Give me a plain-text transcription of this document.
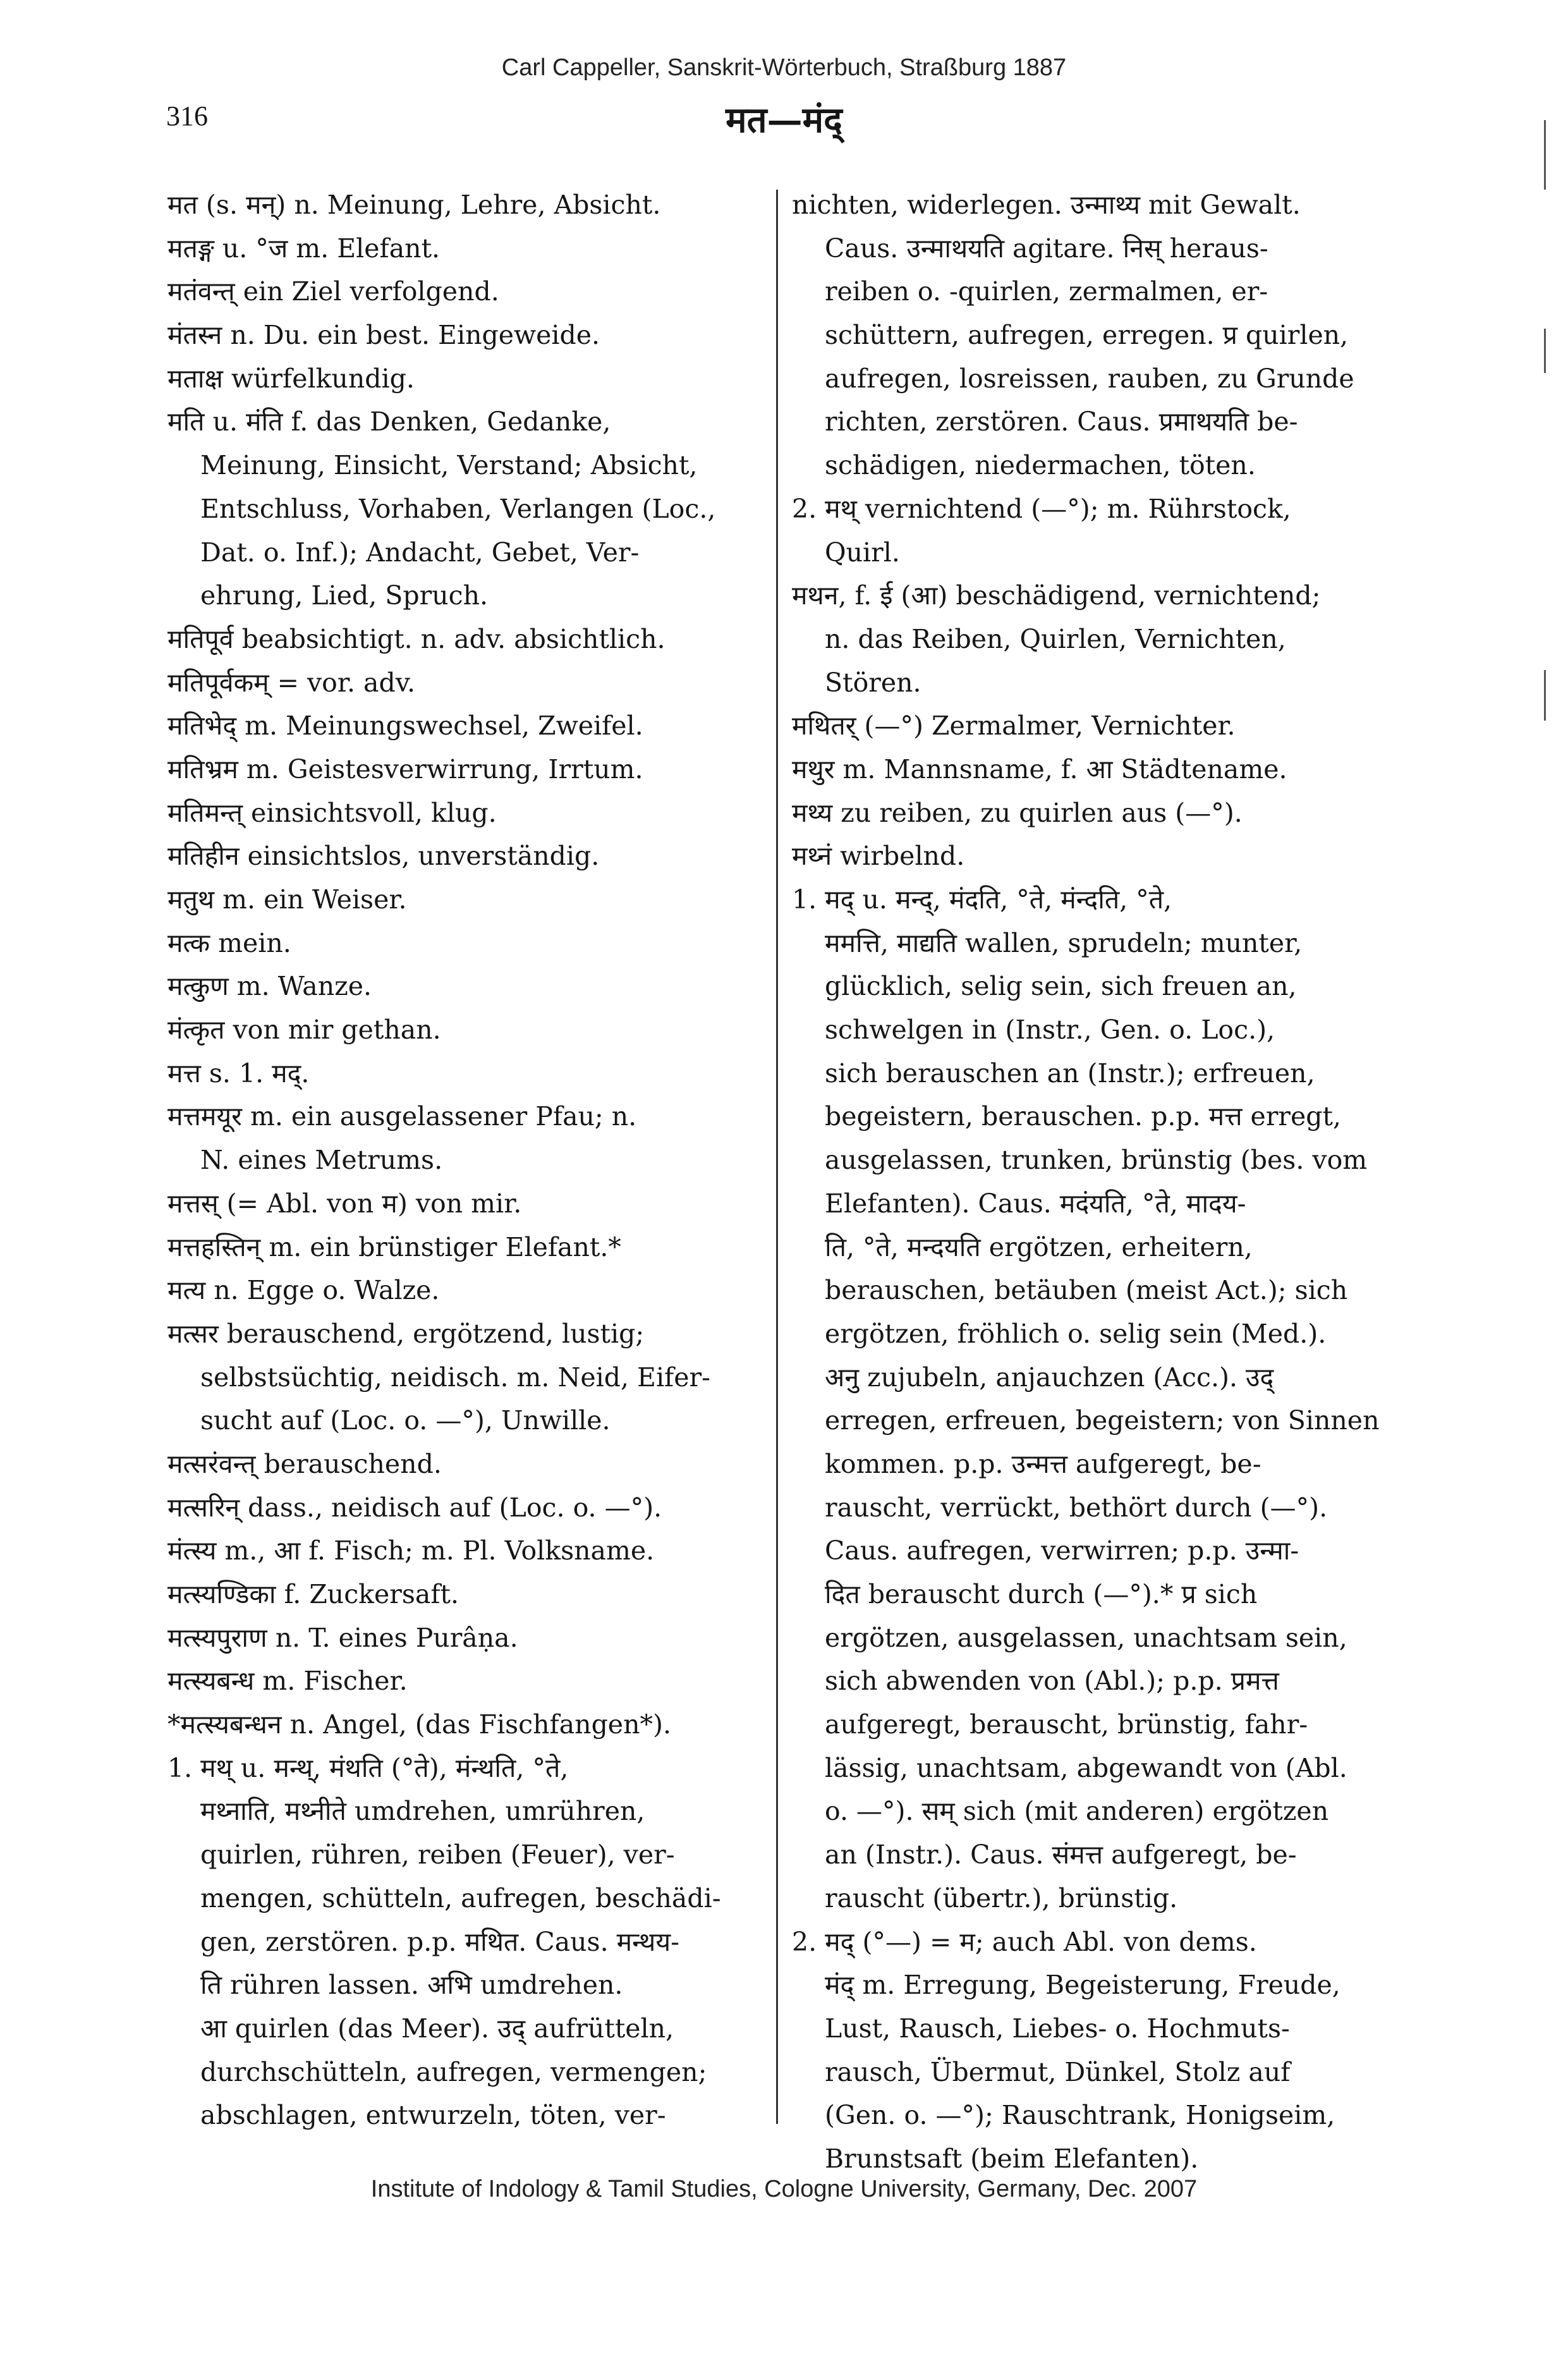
Carl Cappeller, Sanskrit-Wörterbuch, Straßburg 1887
316	मत—मंद्
मत (s. मन्) n. Meinung, Lehre, Absicht.
मतङ्ग u. °ज m. Elefant.
मतंवन्त् ein Ziel verfolgend.
मंतस्न n. Du. ein best. Eingeweide.
मताक्ष würfelkundig.
मति u. मंति f. das Denken, Gedanke,
Meinung, Einsicht, Verstand; Absicht,
Entschluss, Vorhaben, Verlangen (Loc.,
Dat. o. Inf.); Andacht, Gebet, Ver-
ehrung, Lied, Spruch.
मतिपूर्व beabsichtigt. n. adv. absichtlich.
मतिपूर्वकम् = vor. adv.
मतिभेद् m. Meinungswechsel, Zweifel.
मतिभ्रम m. Geistesverwirrung, Irrtum.
मतिमन्त् einsichtsvoll, klug.
मतिहीन einsichtslos, unverständig.
मतुथ m. ein Weiser.
मत्क mein.
मत्कुण m. Wanze.
मंत्कृत von mir gethan.
मत्त s. 1. मद्.
मत्तमयूर m. ein ausgelassener Pfau; n.
N. eines Metrums.
मत्तस् (= Abl. von म) von mir.
मत्तहस्तिन् m. ein brünstiger Elefant.*
मत्य n. Egge o. Walze.
मत्सर berauschend, ergötzend, lustig;
selbstsüchtig, neidisch. m. Neid, Eifer-
sucht auf (Loc. o. —°), Unwille.
मत्सरंवन्त् berauschend.
मत्सरिन् dass., neidisch auf (Loc. o. —°).
मंत्स्य m., आ f. Fisch; m. Pl. Volksname.
मत्स्यण्डिका f. Zuckersaft.
मत्स्यपुराण n. T. eines Purâṇa.
मत्स्यबन्ध m. Fischer.
*मत्स्यबन्धन n. Angel, (das Fischfangen*).
1. मथ् u. मन्थ्, मंथति (°ते), मंन्थति, °ते,
मथ्नाति, मथ्नीते umdrehen, umrühren,
quirlen, rühren, reiben (Feuer), ver-
mengen, schütteln, aufregen, beschädi-
gen, zerstören. p.p. मथित. Caus. मन्थय-
ति rühren lassen. अभि umdrehen.
आ quirlen (das Meer). उद् aufrütteln,
durchschütteln, aufregen, vermengen;
abschlagen, entwurzeln, töten, ver-
nichten, widerlegen. उन्माथ्य mit Gewalt.
Caus. उन्माथयति agitare. निस् heraus-
reiben o. -quirlen, zermalmen, er-
schüttern, aufregen, erregen. प्र quirlen,
aufregen, losreissen, rauben, zu Grunde
richten, zerstören. Caus. प्रमाथयति be-
schädigen, niedermachen, töten.
2. मथ् vernichtend (—°); m. Rührstock,
Quirl.
मथन, f. ई (आ) beschädigend, vernichtend;
n. das Reiben, Quirlen, Vernichten,
Stören.
मथितर् (—°) Zermalmer, Vernichter.
मथुर m. Mannsname, f. आ Städtename.
मथ्य zu reiben, zu quirlen aus (—°).
मथ्नं wirbelnd.
1. मद् u. मन्द्, मंदति, °ते, मंन्दति, °ते,
ममत्ति, माद्यति wallen, sprudeln; munter,
glücklich, selig sein, sich freuen an,
schwelgen in (Instr., Gen. o. Loc.),
sich berauschen an (Instr.); erfreuen,
begeistern, berauschen. p.p. मत्त erregt,
ausgelassen, trunken, brünstig (bes. vom
Elefanten). Caus. मदंयति, °ते, मादय-
ति, °ते, मन्दयति ergötzen, erheitern,
berauschen, betäuben (meist Act.); sich
ergötzen, fröhlich o. selig sein (Med.).
अनु zujubeln, anjauchzen (Acc.). उद्
erregen, erfreuen, begeistern; von Sinnen
kommen. p.p. उन्मत्त aufgeregt, be-
rauscht, verrückt, bethört durch (—°).
Caus. aufregen, verwirren; p.p. उन्मा-
दित berauscht durch (—°).* प्र sich
ergötzen, ausgelassen, unachtsam sein,
sich abwenden von (Abl.); p.p. प्रमत्त
aufgeregt, berauscht, brünstig, fahr-
lässig, unachtsam, abgewandt von (Abl.
o. —°). सम् sich (mit anderen) ergötzen
an (Instr.). Caus. संमत्त aufgeregt, be-
rauscht (übertr.), brünstig.
2. मद् (°—) = म; auch Abl. von dems.
मंद् m. Erregung, Begeisterung, Freude,
Lust, Rausch, Liebes- o. Hochmuts-
rausch, Übermut, Dünkel, Stolz auf
(Gen. o. —°); Rauschtrank, Honigseim,
Brunstsaft (beim Elefanten).
Institute of Indology & Tamil Studies, Cologne University, Germany, Dec. 2007
